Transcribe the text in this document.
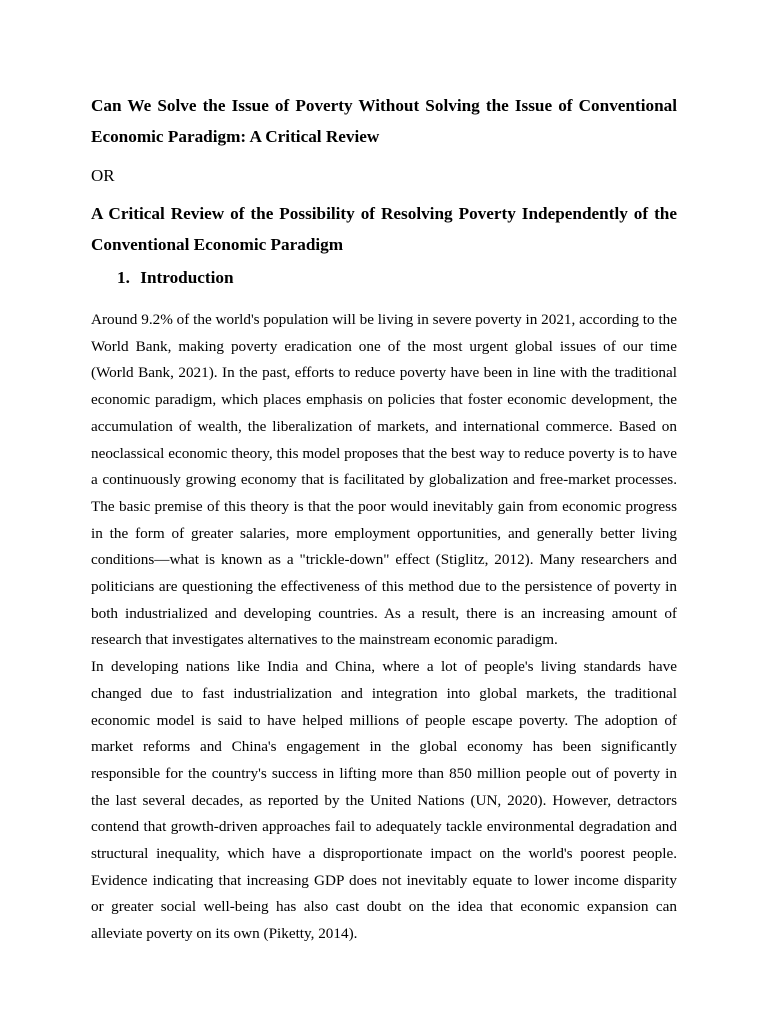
Can We Solve the Issue of Poverty Without Solving the Issue of Conventional Economic Paradigm: A Critical Review

OR

A Critical Review of the Possibility of Resolving Poverty Independently of the Conventional Economic Paradigm
1. Introduction

Around 9.2% of the world's population will be living in severe poverty in 2021, according to the World Bank, making poverty eradication one of the most urgent global issues of our time (World Bank, 2021). In the past, efforts to reduce poverty have been in line with the traditional economic paradigm, which places emphasis on policies that foster economic development, the accumulation of wealth, the liberalization of markets, and international commerce. Based on neoclassical economic theory, this model proposes that the best way to reduce poverty is to have a continuously growing economy that is facilitated by globalization and free-market processes. The basic premise of this theory is that the poor would inevitably gain from economic progress in the form of greater salaries, more employment opportunities, and generally better living conditions—what is known as a "trickle-down" effect (Stiglitz, 2012). Many researchers and politicians are questioning the effectiveness of this method due to the persistence of poverty in both industrialized and developing countries. As a result, there is an increasing amount of research that investigates alternatives to the mainstream economic paradigm.

In developing nations like India and China, where a lot of people's living standards have changed due to fast industrialization and integration into global markets, the traditional economic model is said to have helped millions of people escape poverty. The adoption of market reforms and China's engagement in the global economy has been significantly responsible for the country's success in lifting more than 850 million people out of poverty in the last several decades, as reported by the United Nations (UN, 2020). However, detractors contend that growth-driven approaches fail to adequately tackle environmental degradation and structural inequality, which have a disproportionate impact on the world's poorest people. Evidence indicating that increasing GDP does not inevitably equate to lower income disparity or greater social well-being has also cast doubt on the idea that economic expansion can alleviate poverty on its own (Piketty, 2014).
